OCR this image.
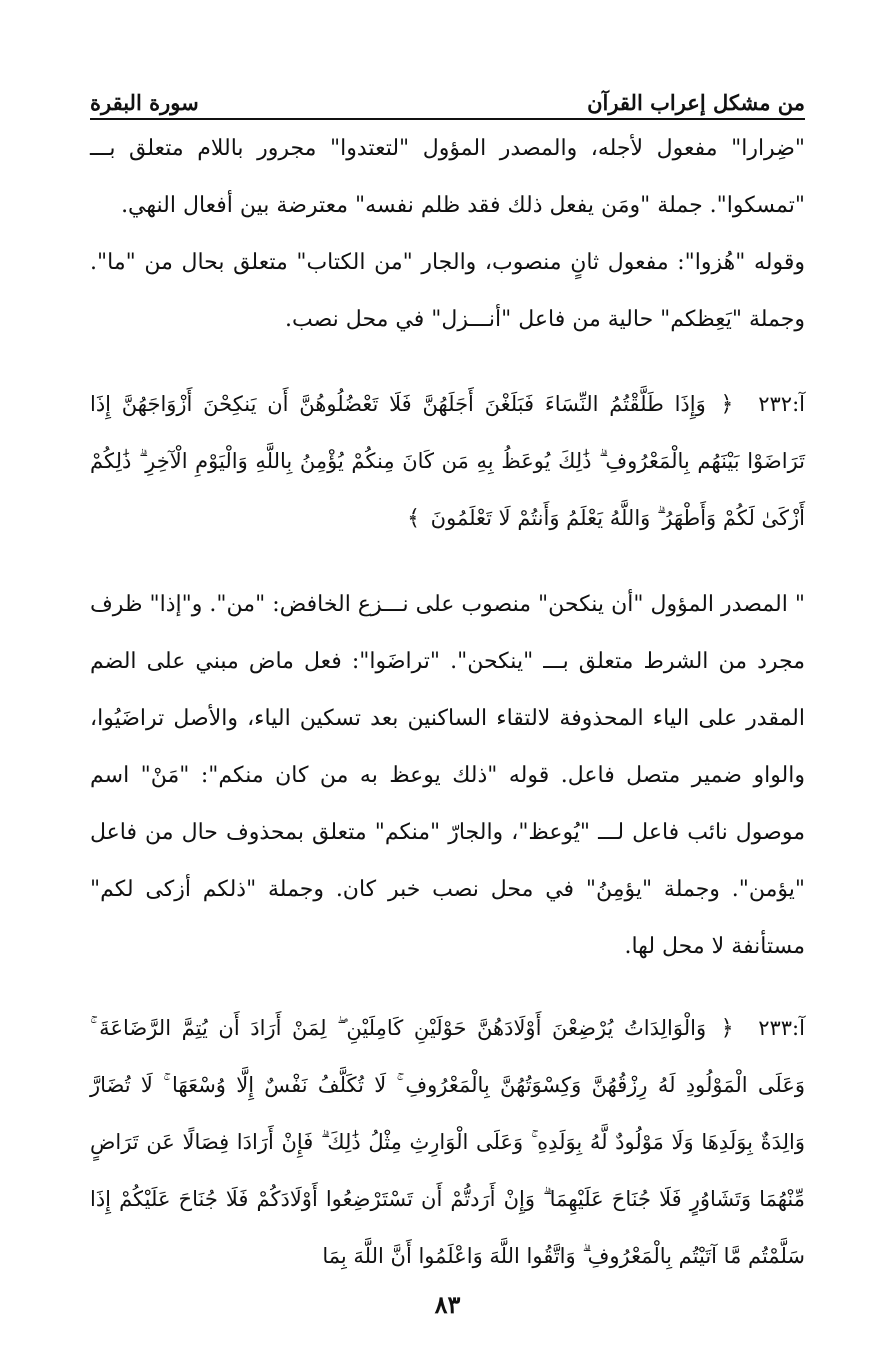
من مشكل إعراب القرآن
سورة البقرة

"ضِرارا" مفعول لأجله، والمصدر المؤول "لتعتدوا" مجرور باللام متعلق بـــ "تمسكوا". جملة "ومَن يفعل ذلك فقد ظلم نفسه" معترضة بين أفعال النهي.

وقوله "هُزوا": مفعول ثانٍ منصوب، والجار "من الكتاب" متعلق بحال من "ما". وجملة "يَعِظكم" حالية من فاعل "أنـــزل" في محل نصب.

آ:٢٣٢ ﴿ وَإِذَا طَلَّقْتُمُ النِّسَاءَ فَبَلَغْنَ أَجَلَهُنَّ فَلَا تَعْضُلُوهُنَّ أَن يَنكِحْنَ أَزْوَاجَهُنَّ إِذَا تَرَاضَوْا بَيْنَهُم بِالْمَعْرُوفِ ۗ ذَٰلِكَ يُوعَظُ بِهِ مَن كَانَ مِنكُمْ يُؤْمِنُ بِاللَّهِ وَالْيَوْمِ الْآخِرِ ۗ ذَٰلِكُمْ أَزْكَىٰ لَكُمْ وَأَطْهَرُ ۗ وَاللَّهُ يَعْلَمُ وَأَنتُمْ لَا تَعْلَمُونَ ﴾

" المصدر المؤول "أن ينكحن" منصوب على نـــزع الخافض: "من". و"إذا" ظرف مجرد من الشرط متعلق بـــ "ينكحن". "تراضَوا": فعل ماض مبني على الضم المقدر على الياء المحذوفة لالتقاء الساكنين بعد تسكين الياء، والأصل تراضَيُوا، والواو ضمير متصل فاعل. قوله "ذلك يوعظ به من كان منكم": "مَنْ" اسم موصول نائب فاعل لـــ "يُوعظ"، والجارّ "منكم" متعلق بمحذوف حال من فاعل "يؤمن". وجملة "يؤمِنُ" في محل نصب خبر كان. وجملة "ذلكم أزكى لكم" مستأنفة لا محل لها.

آ:٢٣٣ ﴿ وَالْوَالِدَاتُ يُرْضِعْنَ أَوْلَادَهُنَّ حَوْلَيْنِ كَامِلَيْنِ ۖ لِمَنْ أَرَادَ أَن يُتِمَّ الرَّضَاعَةَ ۚ وَعَلَى الْمَوْلُودِ لَهُ رِزْقُهُنَّ وَكِسْوَتُهُنَّ بِالْمَعْرُوفِ ۚ لَا تُكَلَّفُ نَفْسٌ إِلَّا وُسْعَهَا ۚ لَا تُضَارَّ وَالِدَةٌ بِوَلَدِهَا وَلَا مَوْلُودٌ لَّهُ بِوَلَدِهِ ۚ وَعَلَى الْوَارِثِ مِثْلُ ذَٰلِكَ ۗ فَإِنْ أَرَادَا فِصَالًا عَن تَرَاضٍ مِّنْهُمَا وَتَشَاوُرٍ فَلَا جُنَاحَ عَلَيْهِمَا ۗ وَإِنْ أَرَدتُّمْ أَن تَسْتَرْضِعُوا أَوْلَادَكُمْ فَلَا جُنَاحَ عَلَيْكُمْ إِذَا سَلَّمْتُم مَّا آتَيْتُم بِالْمَعْرُوفِ ۗ وَاتَّقُوا اللَّهَ وَاعْلَمُوا أَنَّ اللَّهَ بِمَا
٨٣
